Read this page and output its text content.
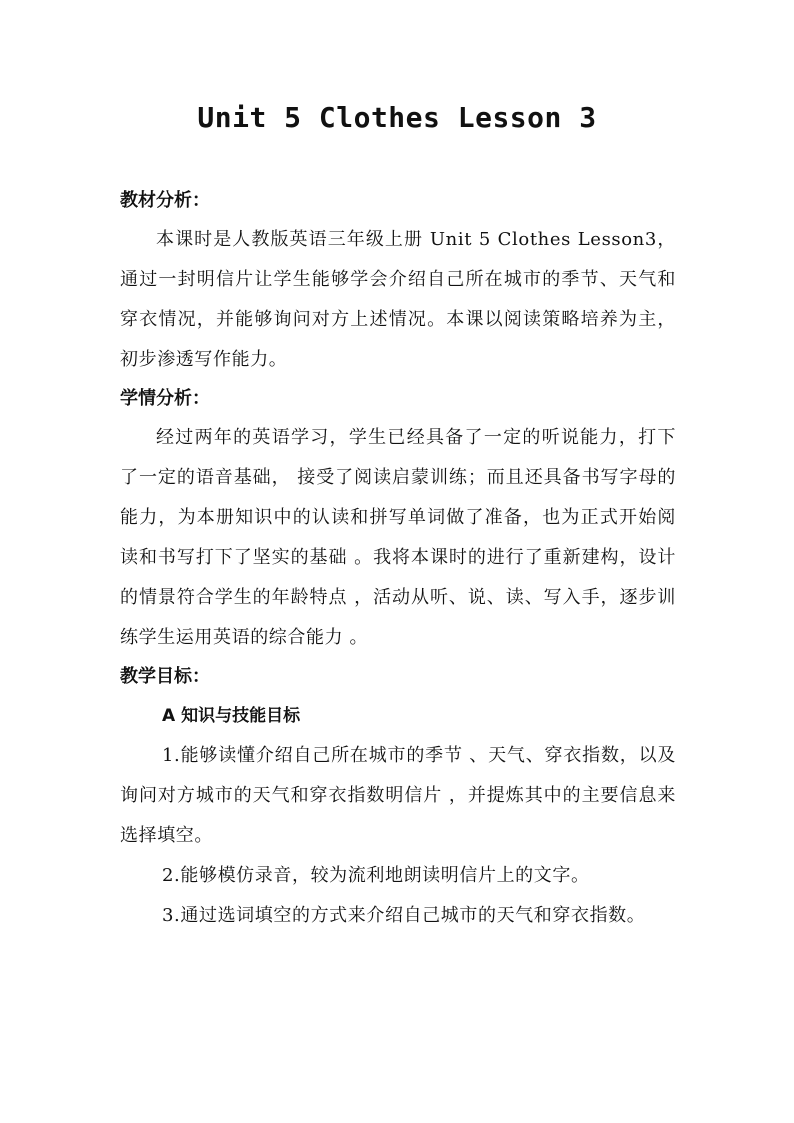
Unit 5 Clothes Lesson 3
教材分析：

本课时是人教版英语三年级上册 Unit 5 Clothes Lesson3，通过一封明信片让学生能够学会介绍自己所在城市的季节、天气和穿衣情况，并能够询问对方上述情况。本课以阅读策略培养为主，初步渗透写作能力。

学情分析：

经过两年的英语学习，学生已经具备了一定的听说能力，打下了一定的语音基础， 接受了阅读启蒙训练；而且还具备书写字母的能力，为本册知识中的认读和拼写单词做了准备，也为正式开始阅读和书写打下了坚实的基础 。我将本课时的进行了重新建构，设计的情景符合学生的年龄特点 ，活动从听、说、读、写入手，逐步训练学生运用英语的综合能力 。

教学目标：

A 知识与技能目标

1.能够读懂介绍自己所在城市的季节 、天气、穿衣指数，以及询问对方城市的天气和穿衣指数明信片 ，并提炼其中的主要信息来选择填空。

2.能够模仿录音，较为流利地朗读明信片上的文字。

3.通过选词填空的方式来介绍自己城市的天气和穿衣指数。
